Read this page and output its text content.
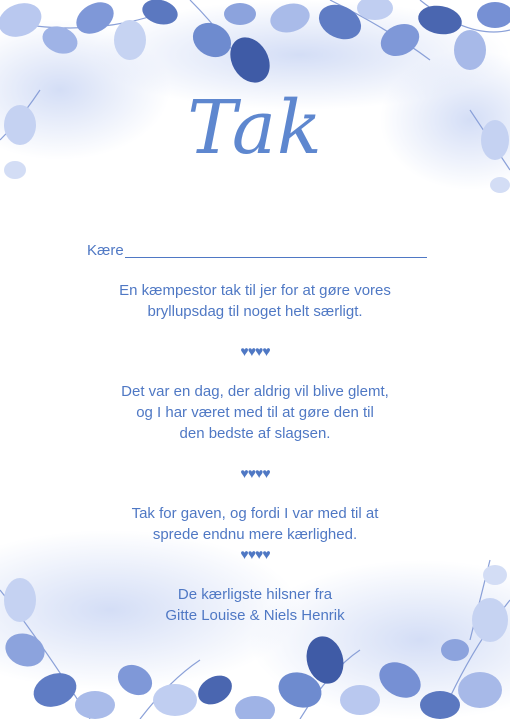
Tak
Kære
En kæmpestor tak til jer for at gøre vores
bryllupsdag til noget helt særligt.
♥♥♥♥
Det var en dag, der aldrig vil blive glemt,
og I har været med til at gøre den til
den bedste af slagsen.
♥♥♥♥
Tak for gaven, og fordi I var med til at
sprede endnu mere kærlighed.
♥♥♥♥
De kærligste hilsner fra
Gitte Louise & Niels Henrik
